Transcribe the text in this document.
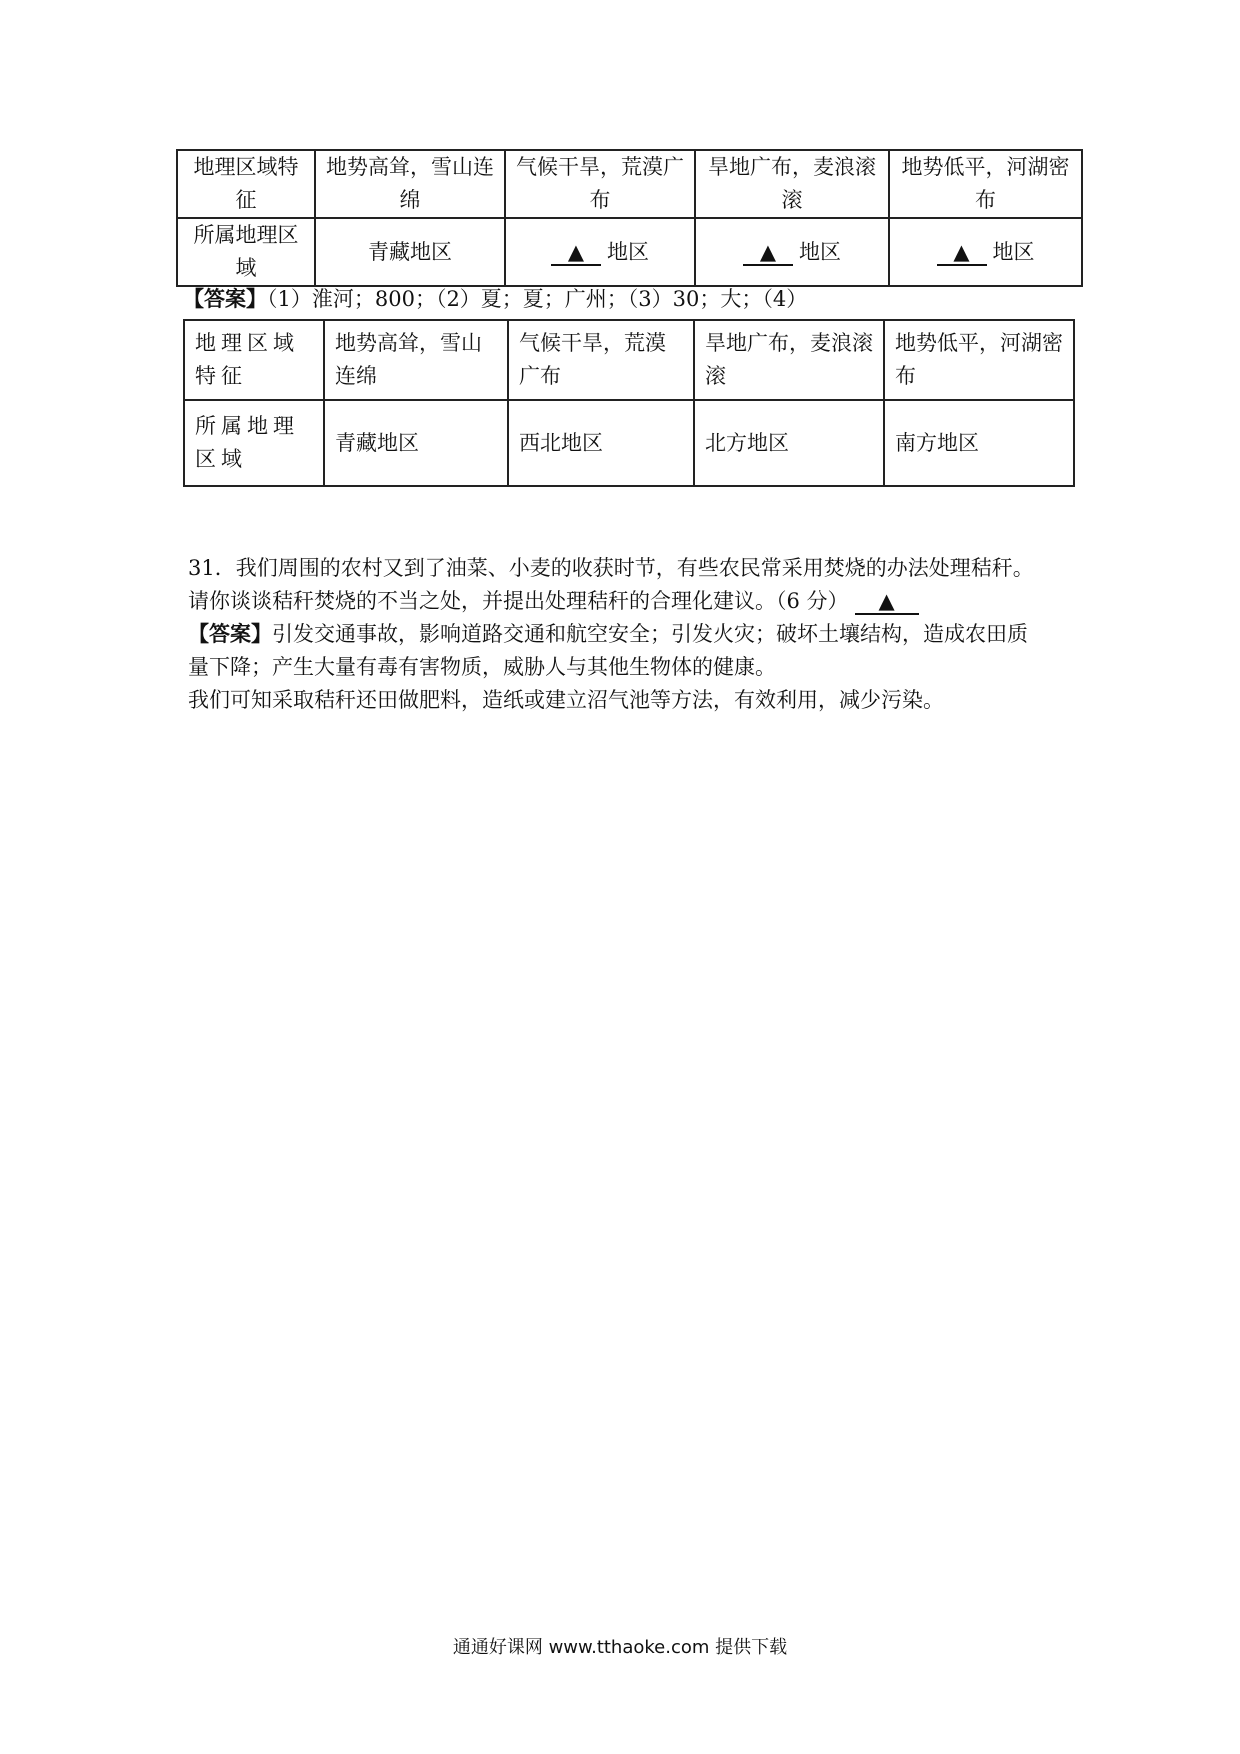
地理区域特征	地势高耸，雪山连绵	气候干旱，荒漠广布	旱地广布，麦浪滚滚	地势低平，河湖密布
所属地理区域	青藏地区	▲ 地区	▲ 地区	▲ 地区
【答案】（1）淮河；800；（2）夏；夏；广州；（3）30；大；（4）
地理区域特征	地势高耸，雪山连绵	气候干旱，荒漠广布	旱地广布，麦浪滚滚	地势低平，河湖密布
所属地理区域	青藏地区	西北地区	北方地区	南方地区
31．我们周围的农村又到了油菜、小麦的收获时节，有些农民常采用焚烧的办法处理秸秆。
请你谈谈秸秆焚烧的不当之处，并提出处理秸秆的合理化建议。（6 分） ▲
【答案】引发交通事故，影响道路交通和航空安全；引发火灾；破坏土壤结构，造成农田质
量下降；产生大量有毒有害物质，威胁人与其他生物体的健康。
我们可知采取秸秆还田做肥料，造纸或建立沼气池等方法，有效利用，减少污染。
通通好课网 www.tthaoke.com 提供下载
